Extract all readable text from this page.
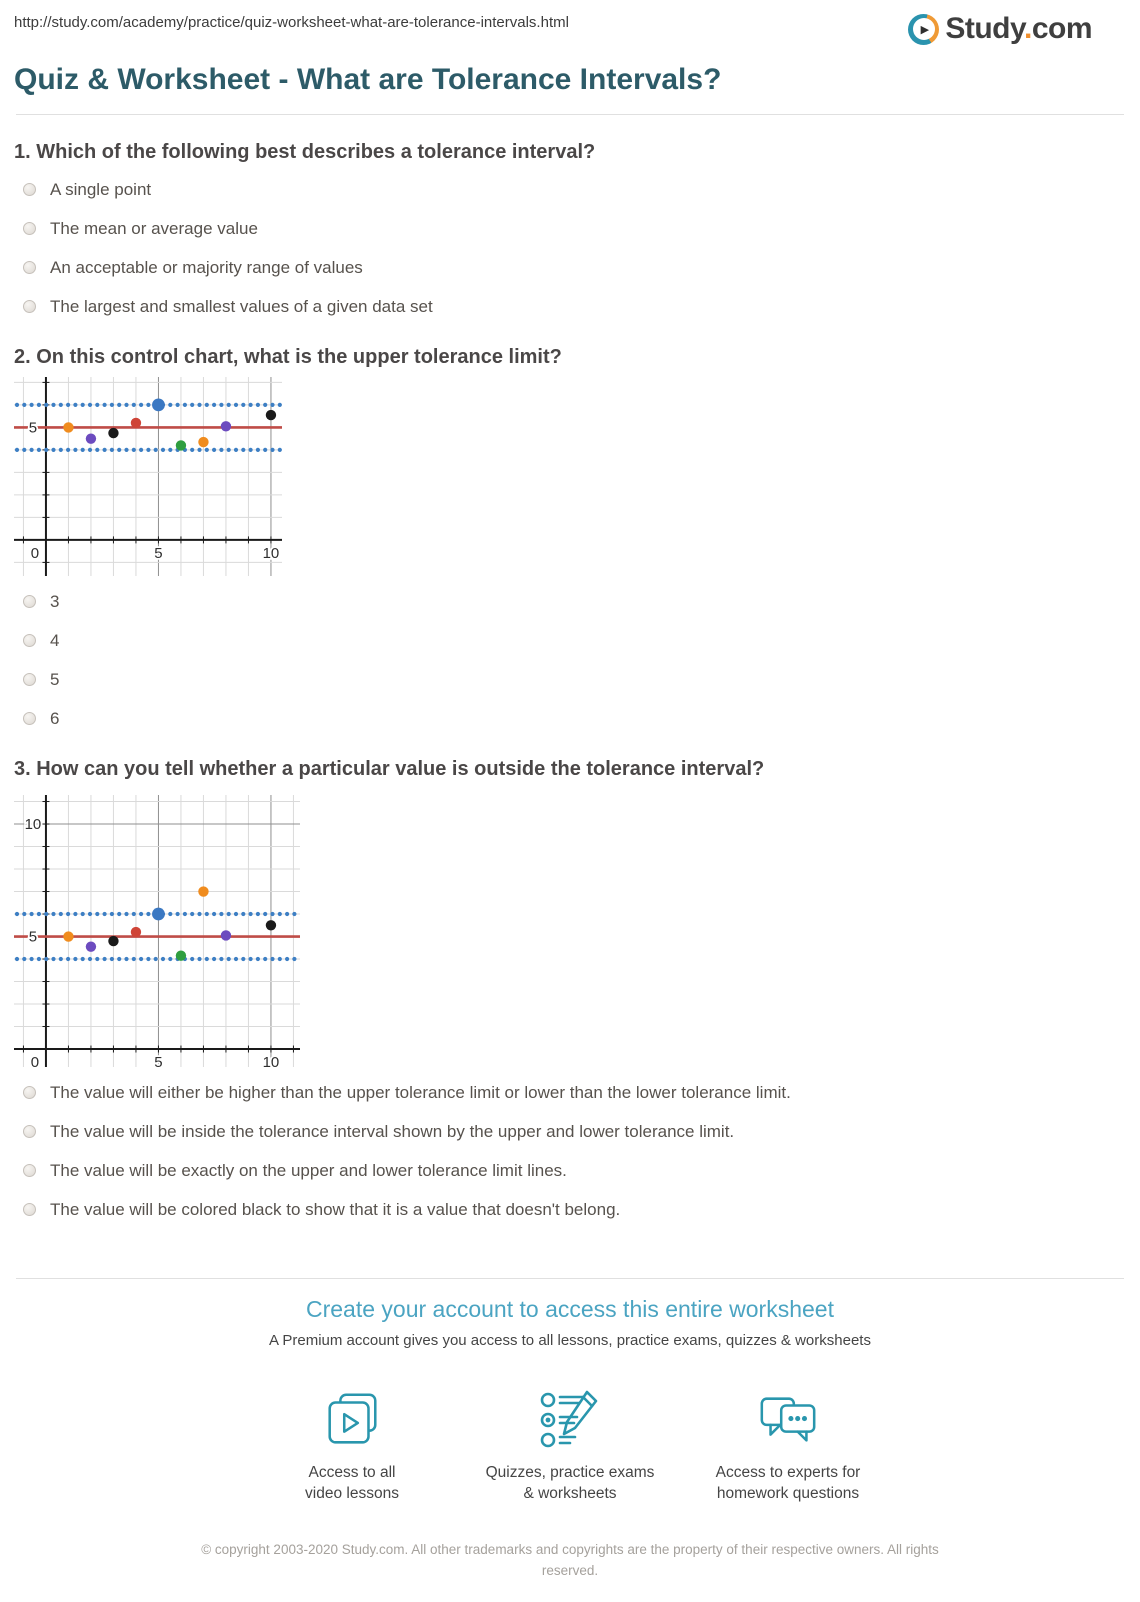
http://study.com/academy/practice/quiz-worksheet-what-are-tolerance-intervals.html	▶ Study.com
Quiz & Worksheet - What are Tolerance Intervals?
1. Which of the following best describes a tolerance interval?
A single point
The mean or average value
An acceptable or majority range of values
The largest and smallest values of a given data set
2. On this control chart, what is the upper tolerance limit?
0	5	10
5
3
4
5
6
3. How can you tell whether a particular value is outside the tolerance interval?
0	5	10
5
10
The value will either be higher than the upper tolerance limit or lower than the lower tolerance limit.
The value will be inside the tolerance interval shown by the upper and lower tolerance limit.
The value will be exactly on the upper and lower tolerance limit lines.
The value will be colored black to show that it is a value that doesn't belong.
Create your account to access this entire worksheet
A Premium account gives you access to all lessons, practice exams, quizzes & worksheets
Access to all
video lessons
Quizzes, practice exams
& worksheets
Access to experts for
homework questions
© copyright 2003-2020 Study.com. All other trademarks and copyrights are the property of their respective owners. All rights reserved.
